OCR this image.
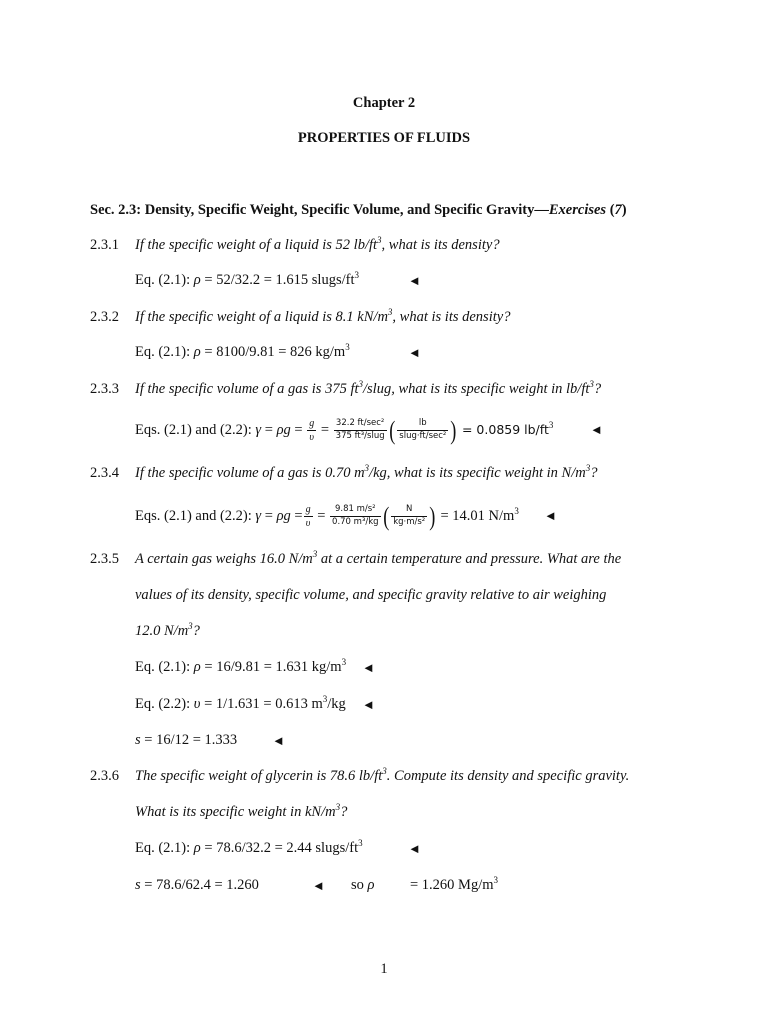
Chapter 2
PROPERTIES OF FLUIDS
Sec. 2.3: Density, Specific Weight, Specific Volume, and Specific Gravity—Exercises (7)
2.3.1 If the specific weight of a liquid is 52 $lb/ft^3$, what is its density?
Eq. (2.1): ρ = 52/32.2 = 1.615 slugs/$ft^3$	◄
2.3.2 If the specific weight of a liquid is 8.1 $kN/m^3$, what is its density?
Eq. (2.1): ρ = 8100/9.81 = 826 $kg/m^3$	◄
2.3.3 If the specific volume of a gas is 375 $ft^3$/slug, what is its specific weight in $lb/ft^3$?
Eqs. (2.1) and (2.2): $\gamma = \rho g = \frac{g}{\upsilon} = \frac{\text{32.2 ft/sec²}}{\text{375 ft³/slug}}$ ( $\frac{lb}{\text{slug·ft/sec²}}$ ) = 0.0859 $lb/ft^3$	◄
2.3.4 If the specific volume of a gas is 0.70 $m^3/kg$, what is its specific weight in $N/m^3$?
Eqs. (2.1) and (2.2): $\gamma = \rho g = \frac{g}{\upsilon} = \frac{\text{9.81 m/s²}}{\text{0.70 m³/kg}}$ ( $\frac{N}{\text{kg·m/s²}}$ ) = 14.01 $N/m^3$ ◄
2.3.5 A certain gas weighs 16.0 $N/m^3$ at a certain temperature and pressure. What are the
values of its density, specific volume, and specific gravity relative to air weighing
12.0 $N/m^3$?
Eq. (2.1): ρ = 16/9.81 = 1.631 $kg/m^3$ ◄
Eq. (2.2): υ = 1/1.631 = 0.613 $m^3/kg$ ◄
s = 16/12 = 1.333	◄
2.3.6 The specific weight of glycerin is 78.6 $lb/ft^3$. Compute its density and specific gravity.
What is its specific weight in $kN/m^3$?
Eq. (2.1): ρ = 78.6/32.2 = 2.44 slugs/$ft^3$	◄
s = 78.6/62.4 = 1.260	◄ so ρ = 1.260 $Mg/m^3$
1
